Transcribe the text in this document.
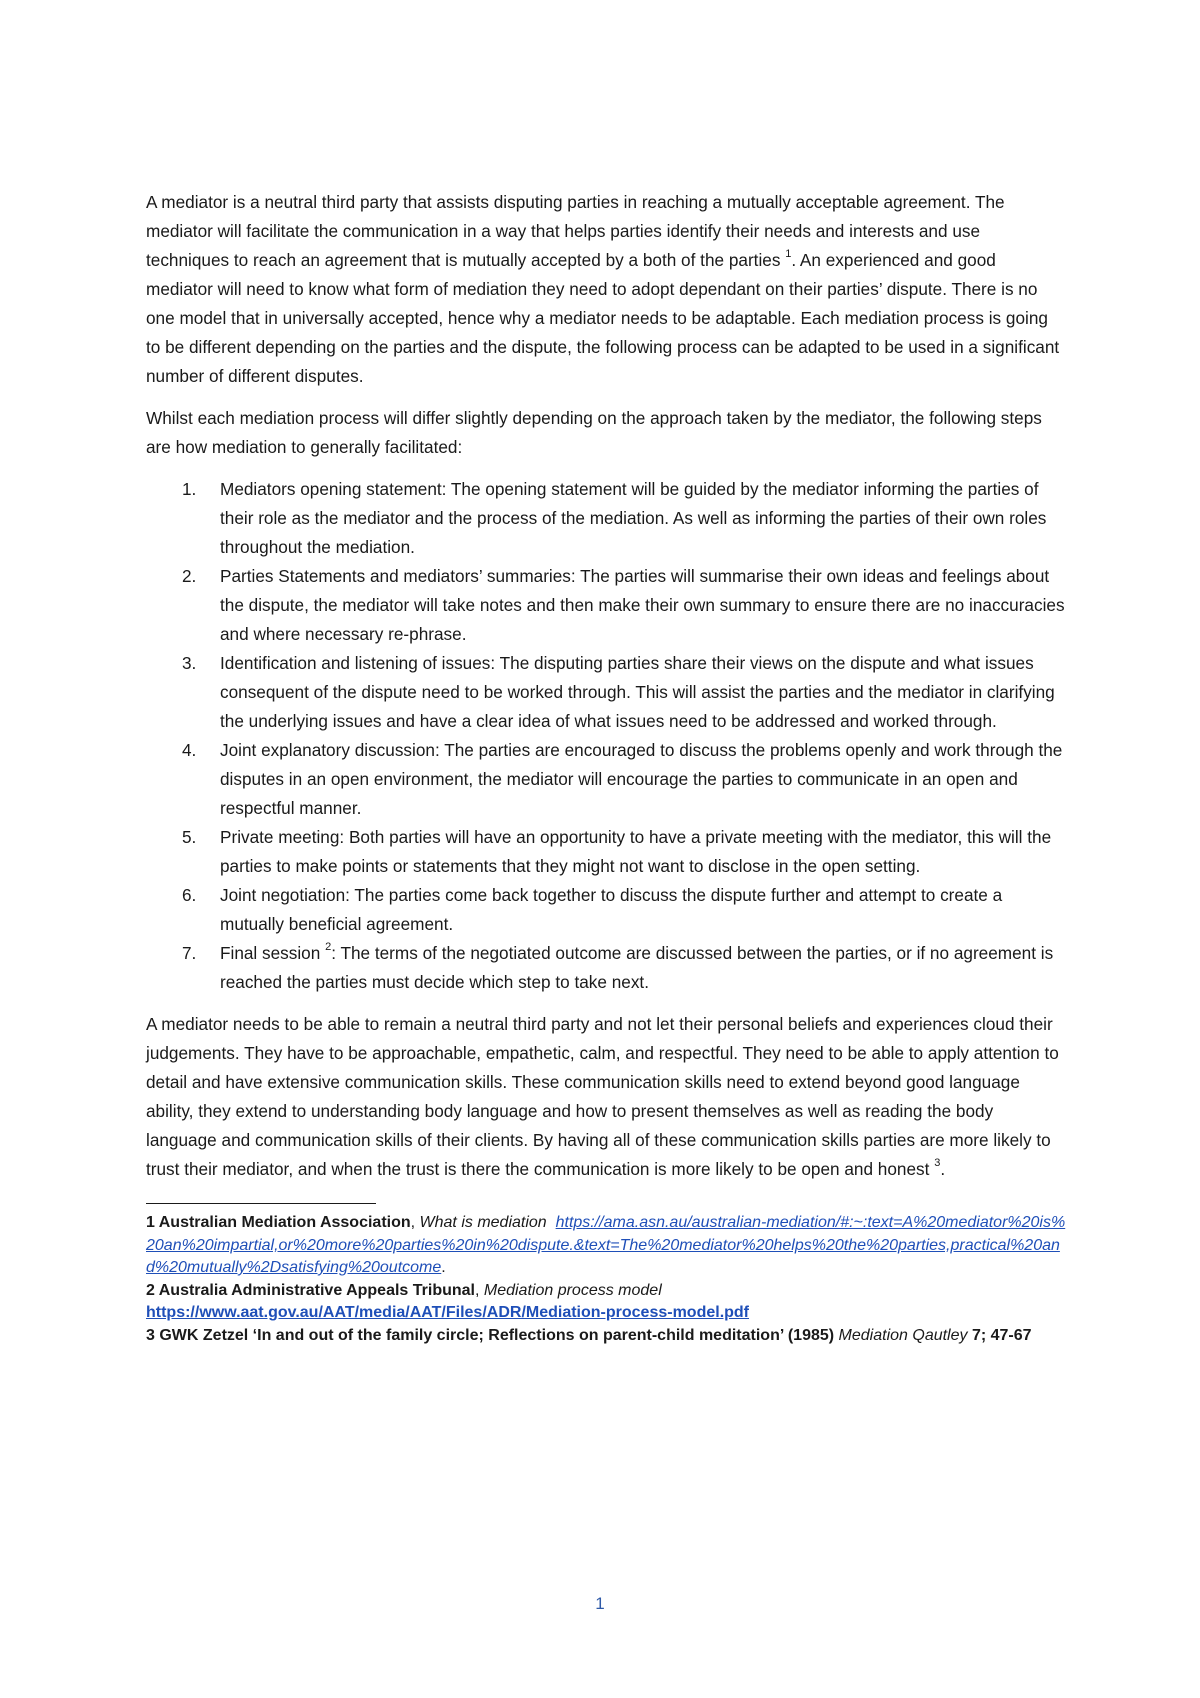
A mediator is a neutral third party that assists disputing parties in reaching a mutually acceptable agreement. The mediator will facilitate the communication in a way that helps parties identify their needs and interests and use techniques to reach an agreement that is mutually accepted by a both of the parties $^1$. An experienced and good mediator will need to know what form of mediation they need to adopt dependant on their parties’ dispute. There is no one model that in universally accepted, hence why a mediator needs to be adaptable. Each mediation process is going to be different depending on the parties and the dispute, the following process can be adapted to be used in a significant number of different disputes.

Whilst each mediation process will differ slightly depending on the approach taken by the mediator, the following steps are how mediation to generally facilitated:

1. Mediators opening statement: The opening statement will be guided by the mediator informing the parties of their role as the mediator and the process of the mediation. As well as informing the parties of their own roles throughout the mediation.
2. Parties Statements and mediators’ summaries: The parties will summarise their own ideas and feelings about the dispute, the mediator will take notes and then make their own summary to ensure there are no inaccuracies and where necessary re-phrase.
3. Identification and listening of issues: The disputing parties share their views on the dispute and what issues consequent of the dispute need to be worked through. This will assist the parties and the mediator in clarifying the underlying issues and have a clear idea of what issues need to be addressed and worked through.
4. Joint explanatory discussion: The parties are encouraged to discuss the problems openly and work through the disputes in an open environment, the mediator will encourage the parties to communicate in an open and respectful manner.
5. Private meeting: Both parties will have an opportunity to have a private meeting with the mediator, this will the parties to make points or statements that they might not want to disclose in the open setting.
6. Joint negotiation: The parties come back together to discuss the dispute further and attempt to create a mutually beneficial agreement.
7. Final session $^2$: The terms of the negotiated outcome are discussed between the parties, or if no agreement is reached the parties must decide which step to take next.

A mediator needs to be able to remain a neutral third party and not let their personal beliefs and experiences cloud their judgements. They have to be approachable, empathetic, calm, and respectful. They need to be able to apply attention to detail and have extensive communication skills. These communication skills need to extend beyond good language ability, they extend to understanding body language and how to present themselves as well as reading the body language and communication skills of their clients. By having all of these communication skills parties are more likely to trust their mediator, and when the trust is there the communication is more likely to be open and honest $^3$.

1 Australian Mediation Association, What is mediation https://ama.asn.au/australian-mediation/#:~:text=A%20mediator%20is%20an%20impartial,or%20more%20parties%20in%20dispute.&text=The%20mediator%20helps%20the%20parties,practical%20and%20mutually%2Dsatisfying%20outcome.

2 Australia Administrative Appeals Tribunal, Mediation process model
https://www.aat.gov.au/AAT/media/AAT/Files/ADR/Mediation-process-model.pdf

3 GWK Zetzel ‘In and out of the family circle; Reflections on parent-child meditation’ (1985) Mediation Qautley 7; 47-67

1
